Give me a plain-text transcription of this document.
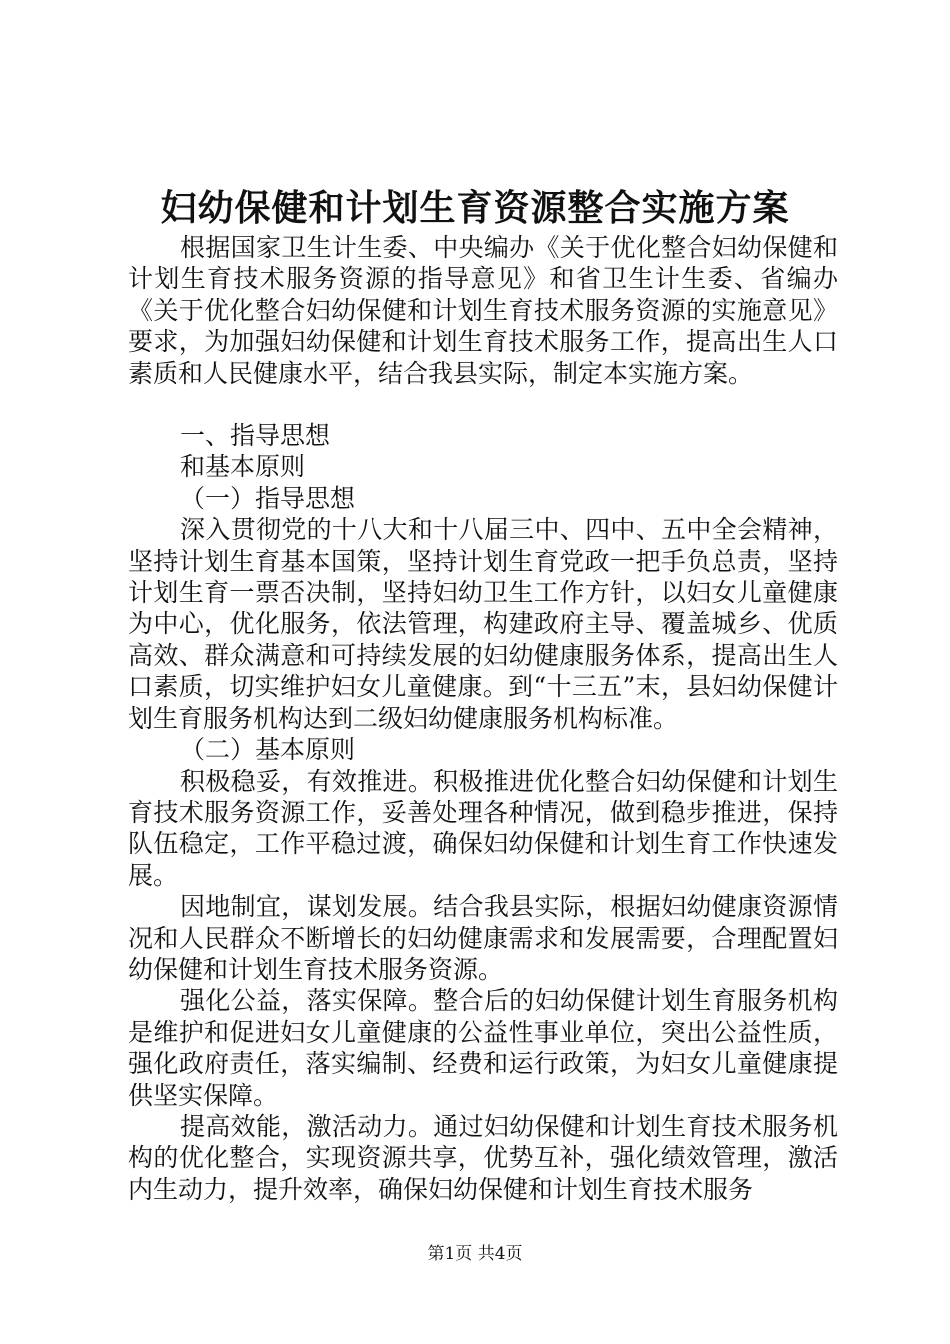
妇幼保健和计划生育资源整合实施方案

根据国家卫生计生委、中央编办《关于优化整合妇幼保健和计划生育技术服务资源的指导意见》和省卫生计生委、省编办《关于优化整合妇幼保健和计划生育技术服务资源的实施意见》要求，为加强妇幼保健和计划生育技术服务工作，提高出生人口素质和人民健康水平，结合我县实际，制定本实施方案。

一、指导思想

和基本原则

（一）指导思想

深入贯彻党的十八大和十八届三中、四中、五中全会精神，坚持计划生育基本国策，坚持计划生育党政一把手负总责，坚持计划生育一票否决制，坚持妇幼卫生工作方针，以妇女儿童健康为中心，优化服务，依法管理，构建政府主导、覆盖城乡、优质高效、群众满意和可持续发展的妇幼健康服务体系，提高出生人口素质，切实维护妇女儿童健康。到“十三五”末，县妇幼保健计划生育服务机构达到二级妇幼健康服务机构标准。

（二）基本原则

积极稳妥，有效推进。积极推进优化整合妇幼保健和计划生育技术服务资源工作，妥善处理各种情况，做到稳步推进，保持队伍稳定，工作平稳过渡，确保妇幼保健和计划生育工作快速发展。

因地制宜，谋划发展。结合我县实际，根据妇幼健康资源情况和人民群众不断增长的妇幼健康需求和发展需要，合理配置妇幼保健和计划生育技术服务资源。

强化公益，落实保障。整合后的妇幼保健计划生育服务机构是维护和促进妇女儿童健康的公益性事业单位，突出公益性质，强化政府责任，落实编制、经费和运行政策，为妇女儿童健康提供坚实保障。

提高效能，激活动力。通过妇幼保健和计划生育技术服务机构的优化整合，实现资源共享，优势互补，强化绩效管理，激活内生动力，提升效率，确保妇幼保健和计划生育技术服务

第1页 共4页
